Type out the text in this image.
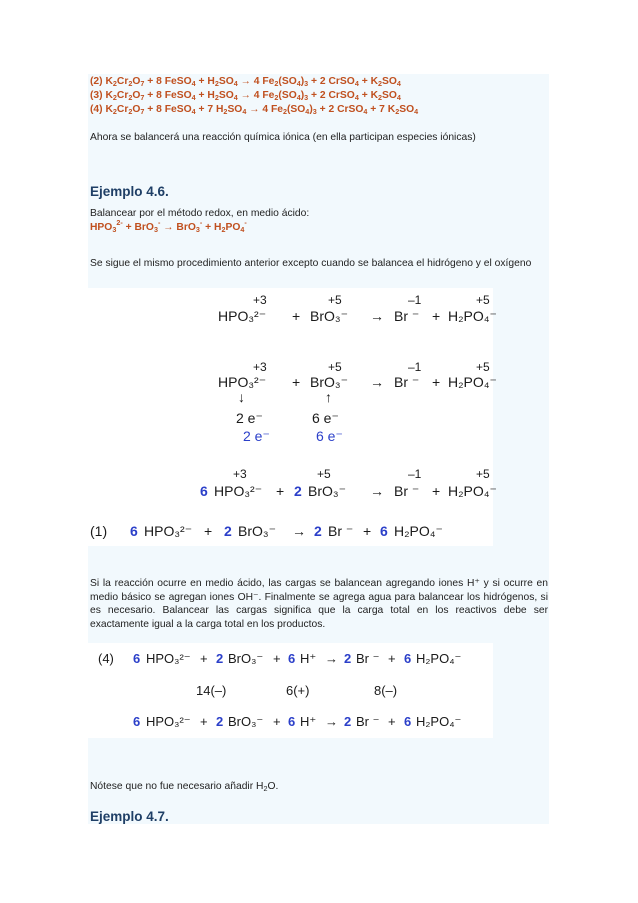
(2) $K_2Cr_2O_7 + 8$ FeSO$_4$ + $H_2SO_4 \to 4$ $Fe_2(SO_4)_3 + 2$ CrSO$_4$ + $K_2SO_4$
(3) $K_2Cr_2O_7 + 8$ FeSO$_4$ + $H_2SO_4 \to 4$ $Fe_2(SO_4)_3 + 2$ CrSO$_4$ + $K_2SO_4$
(4) $K_2Cr_2O_7 + 8$ FeSO$_4$ + 7 $H_2SO_4 \to 4$ $Fe_2(SO_4)_3 + 2$ CrSO$_4$ + 7 $K_2SO_4$
Ahora se balancerá una reacción química iónica (en ella participan especies iónicas)
Ejemplo 4.6.
Balancear por el método redox, en medio ácido:
$HPO_3^{2-} + BrO_3^- \to BrO_3^- + H_2PO_4^-$
Se sigue el mismo procedimiento anterior excepto cuando se balancea el hidrógeno y el oxígeno
+3	+5	–1	+5
HPO₃²⁻ + BrO₃⁻ → Br ⁻ + H₂PO₄⁻
+3	+5	–1	+5
HPO₃²⁻ + BrO₃⁻ → Br ⁻ + H₂PO₄⁻
↓	↑
2 e⁻	6 e⁻
2 e⁻	6 e⁻
+3	+5	–1	+5
6 HPO₃²⁻ + 2 BrO₃⁻ → Br ⁻ + H₂PO₄⁻
(1) 6 HPO₃²⁻ + 2 BrO₃⁻ → 2 Br ⁻ + 6 H₂PO₄⁻
Si la reacción ocurre en medio ácido, las cargas se balancean agregando iones H⁺ y si ocurre en medio básico se agregan iones OH⁻. Finalmente se agrega agua para balancear los hidrógenos, si es necesario. Balancear las cargas significa que la carga total en los reactivos debe ser exactamente igual a la carga total en los productos.
(4) 6 HPO₃²⁻ + 2 BrO₃⁻ + 6 H⁺ → 2 Br ⁻ + 6 H₂PO₄⁻
14(–)	6(+)	8(–)
6 HPO₃²⁻ + 2 BrO₃⁻ + 6 H⁺ → 2 Br ⁻ + 6 H₂PO₄⁻
Nótese que no fue necesario añadir $H_2O$.
Ejemplo 4.7.
